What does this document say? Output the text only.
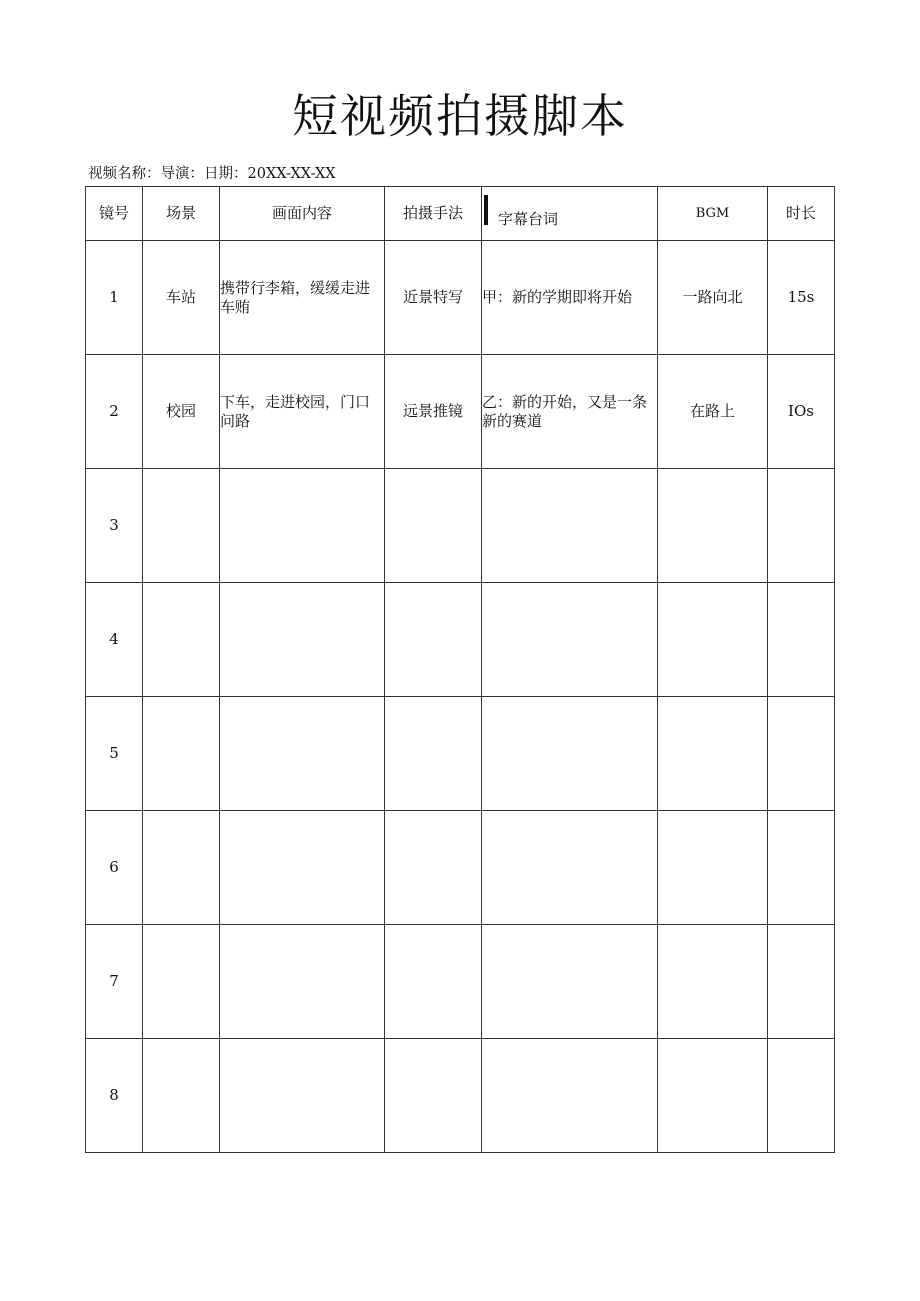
短视频拍摄脚本
视频名称：导演：日期：20XX-XX-XX
镜号	场景	画面内容	拍摄手法	字幕台词	BGM	时长
1	车站	携带行李箱，缓缓走进车贿	近景特写	甲：新的学期即将开始	一路向北	15s
2	校园	下车，走进校园，门口问路	远景推镜	乙：新的开始，又是一条新的赛道	在路上	IOs
3						
4						
5						
6						
7						
8						
